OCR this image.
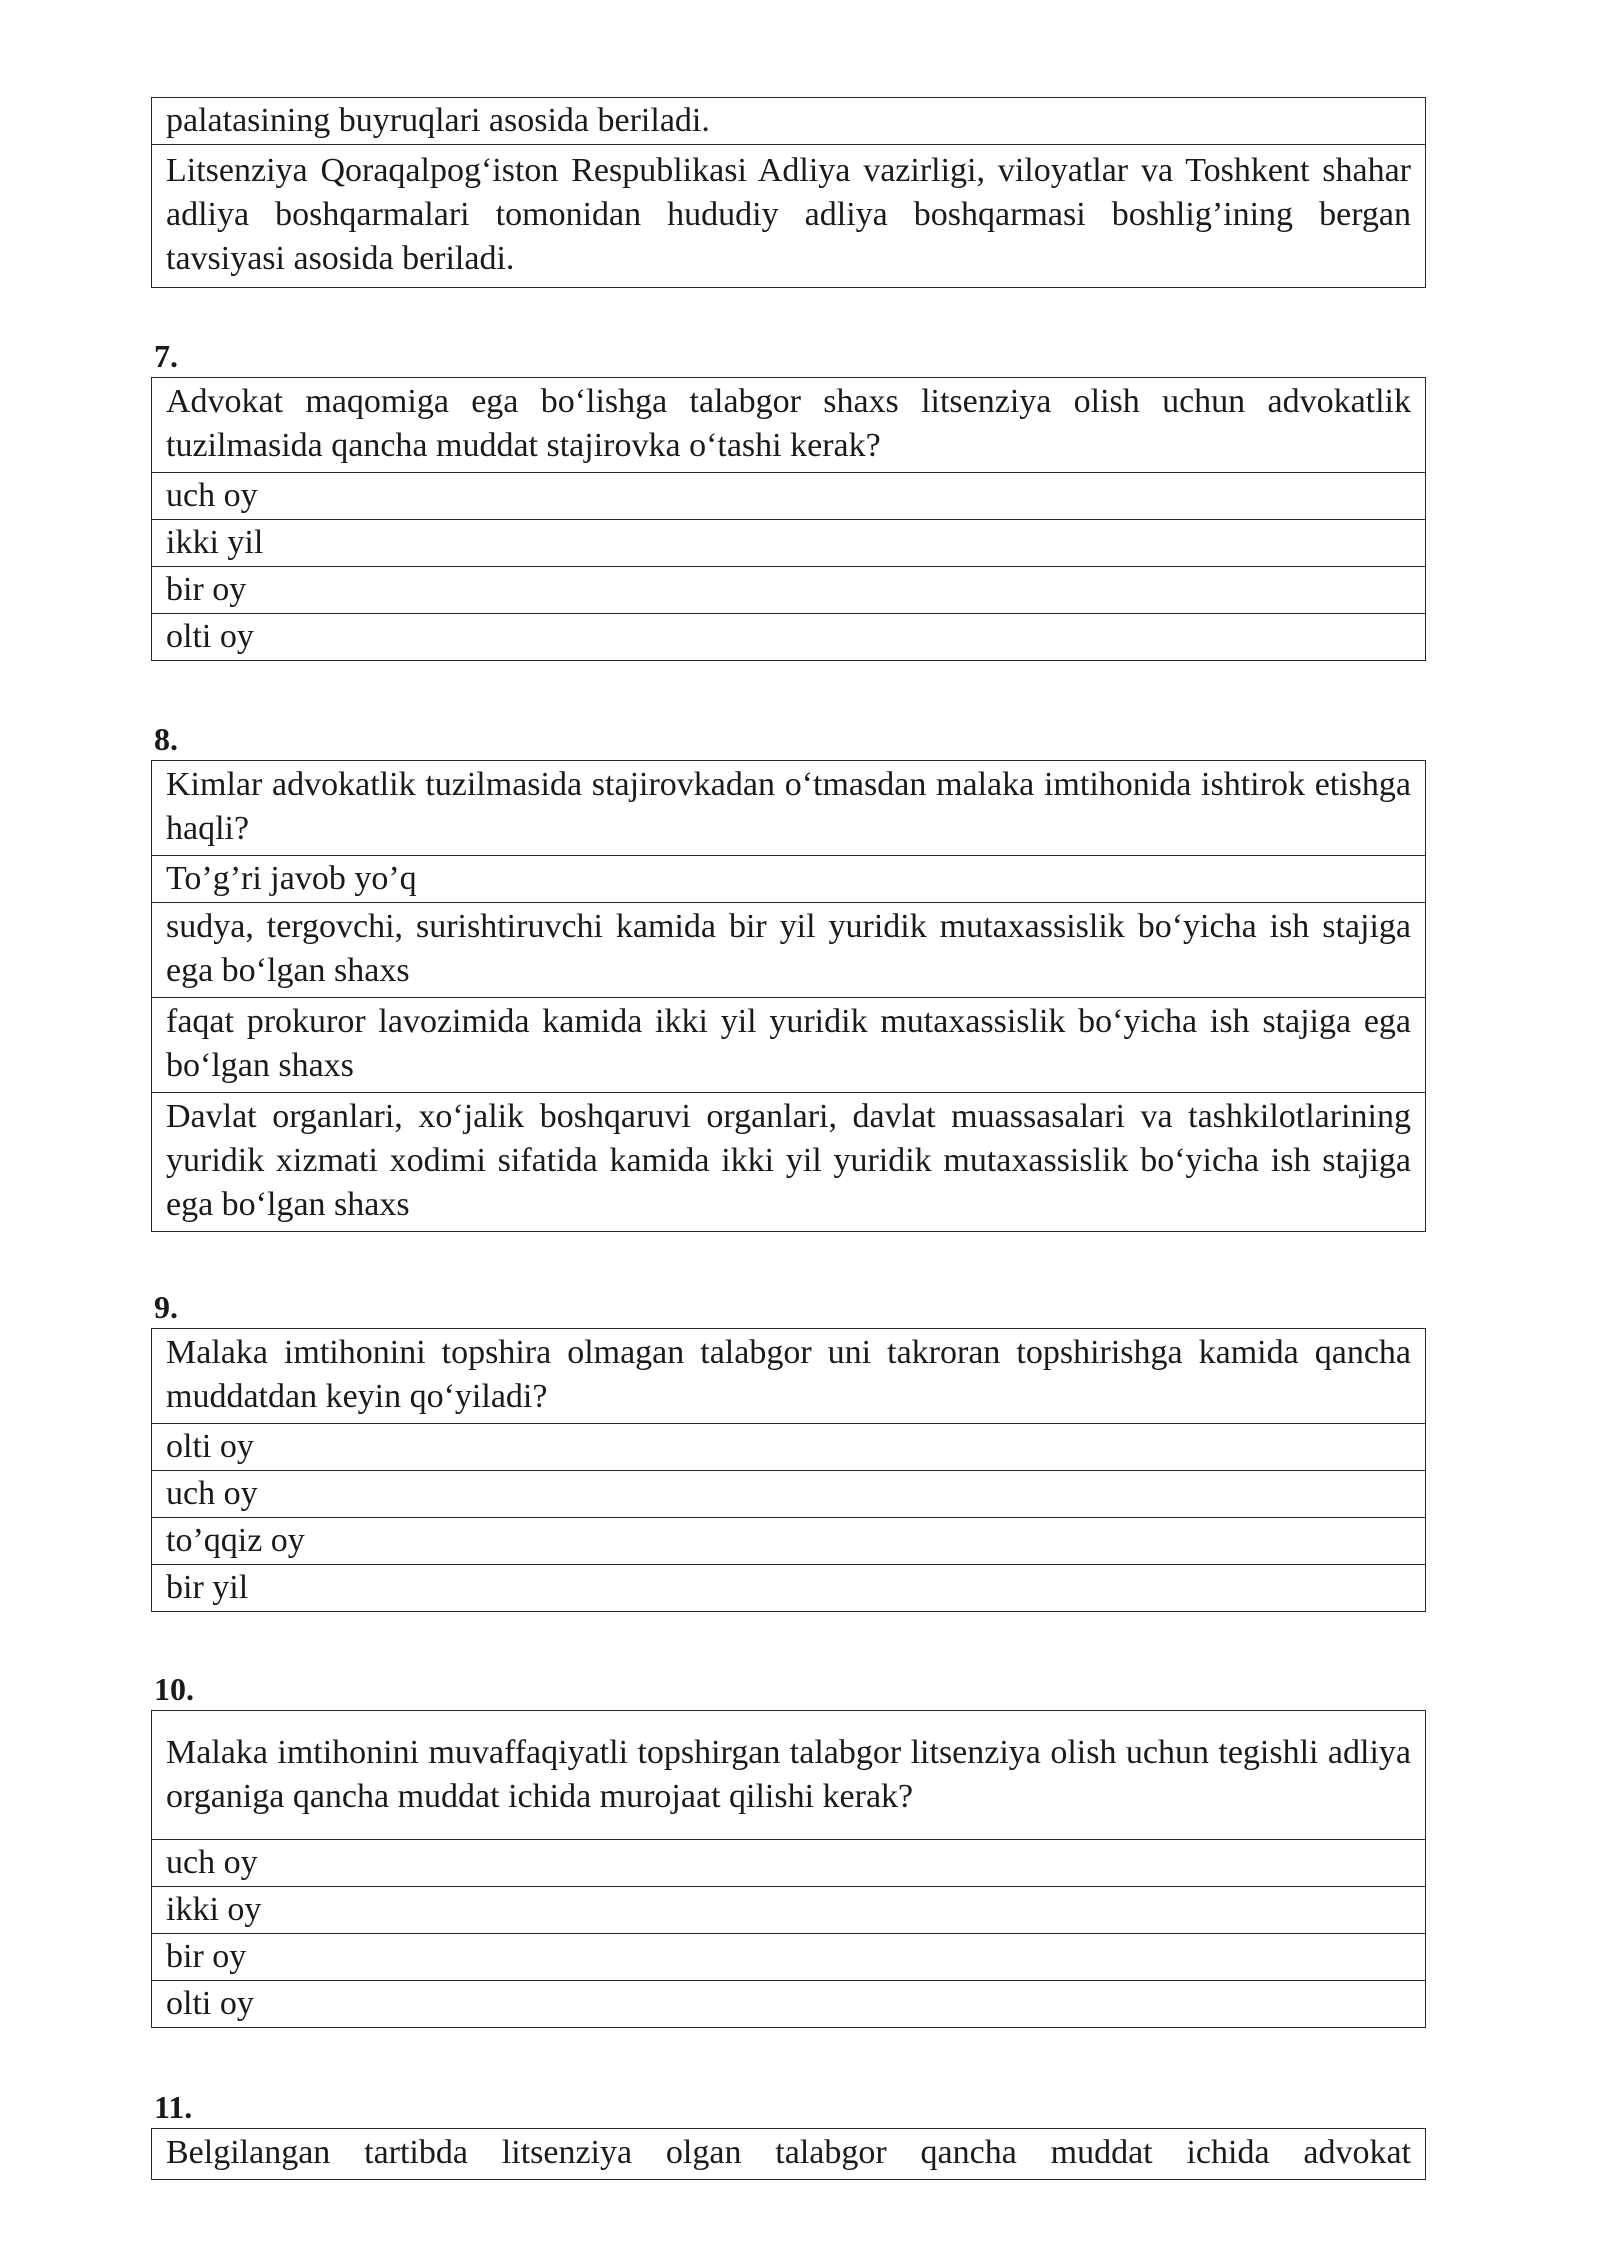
palatasining buyruqlari asosida beriladi.
Litsenziya Qoraqalpog‘iston Respublikasi Adliya vazirligi, viloyatlar va Toshkent shahar adliya boshqarmalari tomonidan hududiy adliya boshqarmasi boshlig’ining bergan tavsiyasi asosida beriladi.
7.
Advokat maqomiga ega bo‘lishga talabgor shaxs litsenziya olish uchun advokatlik tuzilmasida qancha muddat stajirovka o‘tashi kerak?
uch oy
ikki yil
bir oy
olti oy
8.
Kimlar advokatlik tuzilmasida stajirovkadan o‘tmasdan malaka imtihonida ishtirok etishga haqli?
To’g’ri javob yo’q
sudya, tergovchi, surishtiruvchi kamida bir yil yuridik mutaxassislik bo‘yicha ish stajiga ega bo‘lgan shaxs
faqat prokuror lavozimida kamida ikki yil yuridik mutaxassislik bo‘yicha ish stajiga ega bo‘lgan shaxs
Davlat organlari, xo‘jalik boshqaruvi organlari, davlat muassasalari va tashkilotlarining yuridik xizmati xodimi sifatida kamida ikki yil yuridik mutaxassislik bo‘yicha ish stajiga ega bo‘lgan shaxs
9.
Malaka imtihonini topshira olmagan talabgor uni takroran topshirishga kamida qancha muddatdan keyin qo‘yiladi?
olti oy
uch oy
to’qqiz oy
bir yil
10.
Malaka imtihonini muvaffaqiyatli topshirgan talabgor litsenziya olish uchun tegishli adliya organiga qancha muddat ichida murojaat qilishi kerak?
uch oy
ikki oy
bir oy
olti oy
11.
Belgilangan tartibda litsenziya olgan talabgor qancha muddat ichida advokat
